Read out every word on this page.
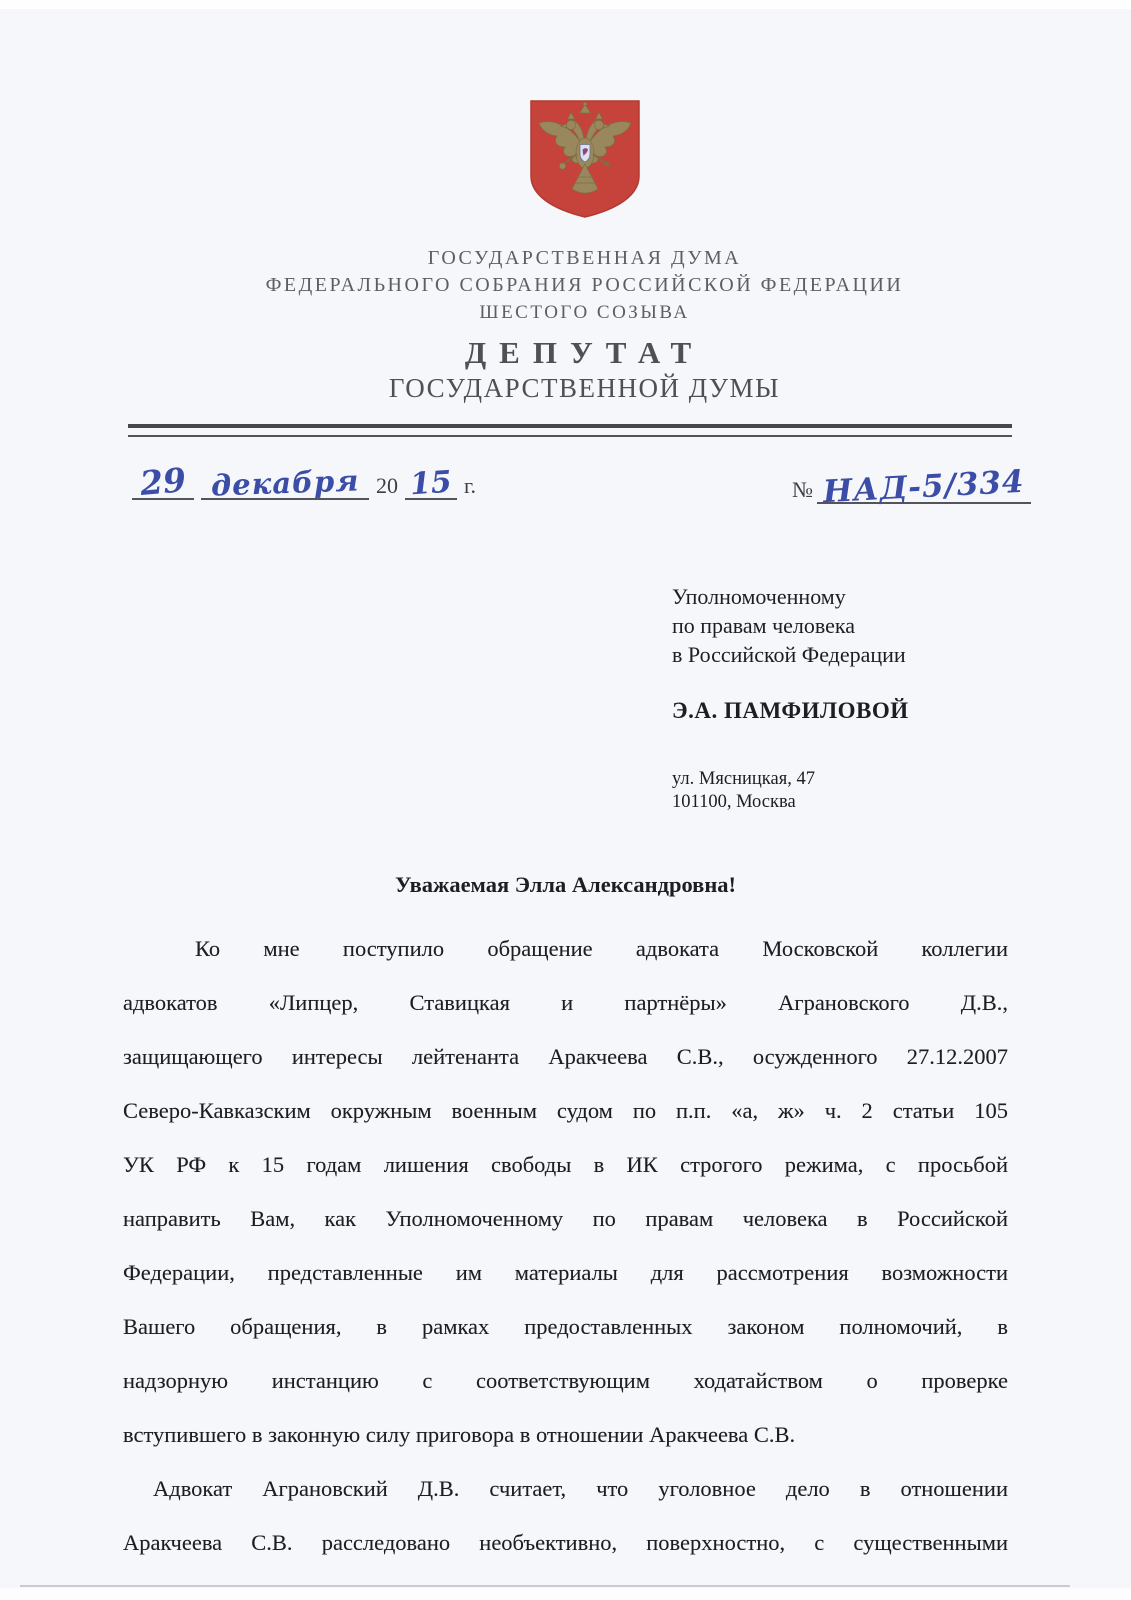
ГОСУДАРСТВЕННАЯ ДУМА
ФЕДЕРАЛЬНОГО СОБРАНИЯ РОССИЙСКОЙ ФЕДЕРАЦИИ
ШЕСТОГО СОЗЫВА
ДЕПУТАТ
ГОСУДАРСТВЕННОЙ ДУМЫ
29 декабря 20 15 г.	№ НАД-5/334
Уполномоченному
по правам человека
в Российской Федерации
Э.А. ПАМФИЛОВОЙ
ул. Мясницкая, 47
101100, Москва
Уважаемая Элла Александровна!
Ко мне поступило обращение адвоката Московской коллегии
адвокатов «Липцер, Ставицкая и партнёры» Аграновского Д.В.,
защищающего интересы лейтенанта Аракчеева С.В., осужденного 27.12.2007
Северо-Кавказским окружным военным судом по п.п. «а, ж» ч. 2 статьи 105
УК РФ к 15 годам лишения свободы в ИК строгого режима, с просьбой
направить Вам, как Уполномоченному по правам человека в Российской
Федерации, представленные им материалы для рассмотрения возможности
Вашего обращения, в рамках предоставленных законом полномочий, в
надзорную инстанцию с соответствующим ходатайством о проверке
вступившего в законную силу приговора в отношении Аракчеева С.В.
Адвокат Аграновский Д.В. считает, что уголовное дело в отношении
Аракчеева С.В. расследовано необъективно, поверхностно, с существенными
